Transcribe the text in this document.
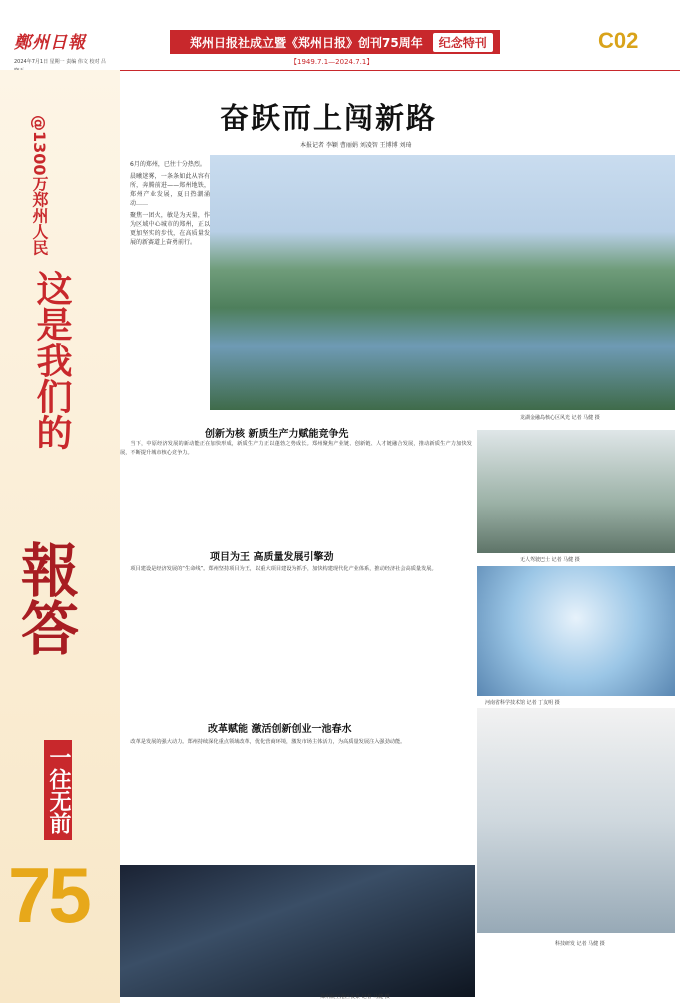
鄭州日報
2024年7月1日 星期一 责编 伟文 校对 吕
郑州日报社成立暨《郑州日报》创刊75周年	纪念特刊
【1949.7.1—2024.7.1】
C02
@1300万郑州人民
这是我们的
報答
一往无前
75
奋跃而上闯新路
本报记者 李颖 曹丽娟 刘凌智 王博博 刘琦

6月的郑州，已往十分热烈。

晨曦迷雾，一条条如此从容有所，奔腾前进——郑州地铁，郑州产业发展，夏日热潮涌动……

聚焦一团火，敏是为天量，作为区域中心城市的郑州，正以更加坚实的步伐，在高质量发展的新赛道上奋勇前行。

龙湖金融岛核心区风光 记者 马健 摄
创新为核 新质生产力赋能竞争先

当下，中原经济发展的新动能正在加快形成，新质生产力正以蓬勃之势成长。郑州聚焦产业链、创新链、人才链融合发展，推动新质生产力加快发展，不断提升城市核心竞争力。

项目为王 高质量发展引擎劲

项目建设是经济发展的“生命线”。郑州坚持项目为王，以重大项目建设为抓手，加快构建现代化产业体系，推动经济社会高质量发展。

改革赋能 激活创新创业一池春水

改革是发展的强大动力。郑州持续深化重点领域改革，优化营商环境，激发市场主体活力，为高质量发展注入强劲动能。

无人驾驶巴士 记者 马健 摄
河南省科学技术馆 记者 丁友明 摄
科技研发 记者 马健 摄
郑州航空港区夜景 记者 马健 摄
